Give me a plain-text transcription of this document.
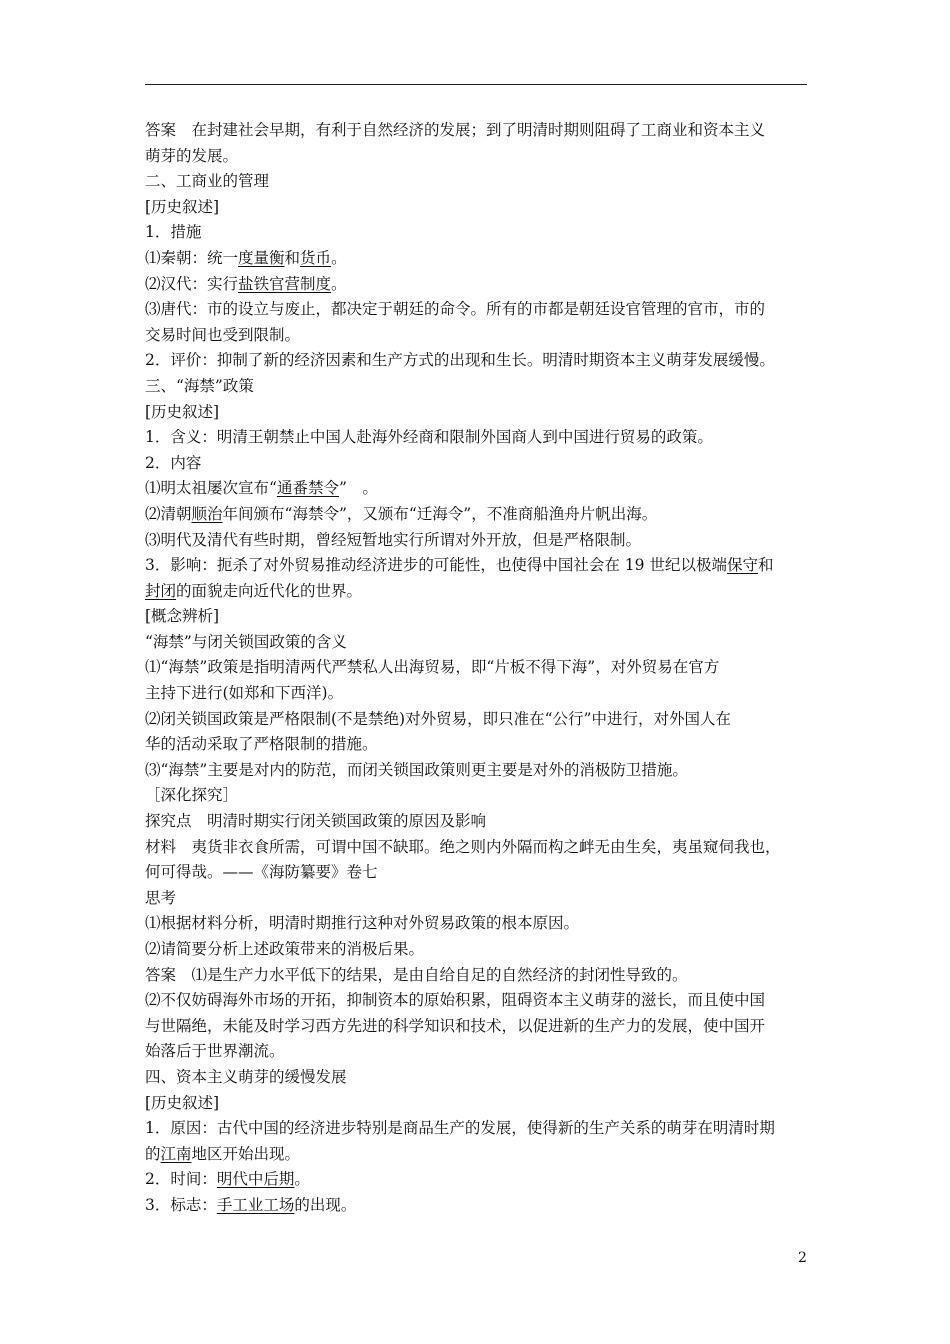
答案　在封建社会早期，有利于自然经济的发展；到了明清时期则阻碍了工商业和资本主义
萌芽的发展。
二、工商业的管理
[历史叙述]
1．措施
⑴秦朝：统一度量衡和货币。
⑵汉代：实行盐铁官营制度。
⑶唐代：市的设立与废止，都决定于朝廷的命令。所有的市都是朝廷设官管理的官市，市的
交易时间也受到限制。
2．评价：抑制了新的经济因素和生产方式的出现和生长。明清时期资本主义萌芽发展缓慢。
三、“海禁”政策
[历史叙述]
1．含义：明清王朝禁止中国人赴海外经商和限制外国商人到中国进行贸易的政策。
2．内容
⑴明太祖屡次宣布“通番禁令”　。
⑵清朝顺治年间颁布“海禁令”，又颁布“迁海令”，不准商船渔舟片帆出海。
⑶明代及清代有些时期，曾经短暂地实行所谓对外开放，但是严格限制。
3．影响：扼杀了对外贸易推动经济进步的可能性，也使得中国社会在 19 世纪以极端保守和
封闭的面貌走向近代化的世界。
[概念辨析]
“海禁”与闭关锁国政策的含义
⑴“海禁”政策是指明清两代严禁私人出海贸易，即“片板不得下海”，对外贸易在官方
主持下进行(如郑和下西洋)。
⑵闭关锁国政策是严格限制(不是禁绝)对外贸易，即只准在“公行”中进行，对外国人在
华的活动采取了严格限制的措施。
⑶“海禁”主要是对内的防范，而闭关锁国政策则更主要是对外的消极防卫措施。
［深化探究］
探究点　明清时期实行闭关锁国政策的原因及影响
材料　夷货非衣食所需，可谓中国不缺耶。绝之则内外隔而构之衅无由生矣，夷虽窥伺我也，
何可得哉。——《海防纂要》卷七
思考
⑴根据材料分析，明清时期推行这种对外贸易政策的根本原因。
⑵请简要分析上述政策带来的消极后果。
答案　⑴是生产力水平低下的结果，是由自给自足的自然经济的封闭性导致的。
⑵不仅妨碍海外市场的开拓，抑制资本的原始积累，阻碍资本主义萌芽的滋长，而且使中国
与世隔绝，未能及时学习西方先进的科学知识和技术，以促进新的生产力的发展，使中国开
始落后于世界潮流。
四、资本主义萌芽的缓慢发展
[历史叙述]
1．原因：古代中国的经济进步特别是商品生产的发展，使得新的生产关系的萌芽在明清时期
的江南地区开始出现。
2．时间：明代中后期。
3．标志：手工业工场的出现。
2
